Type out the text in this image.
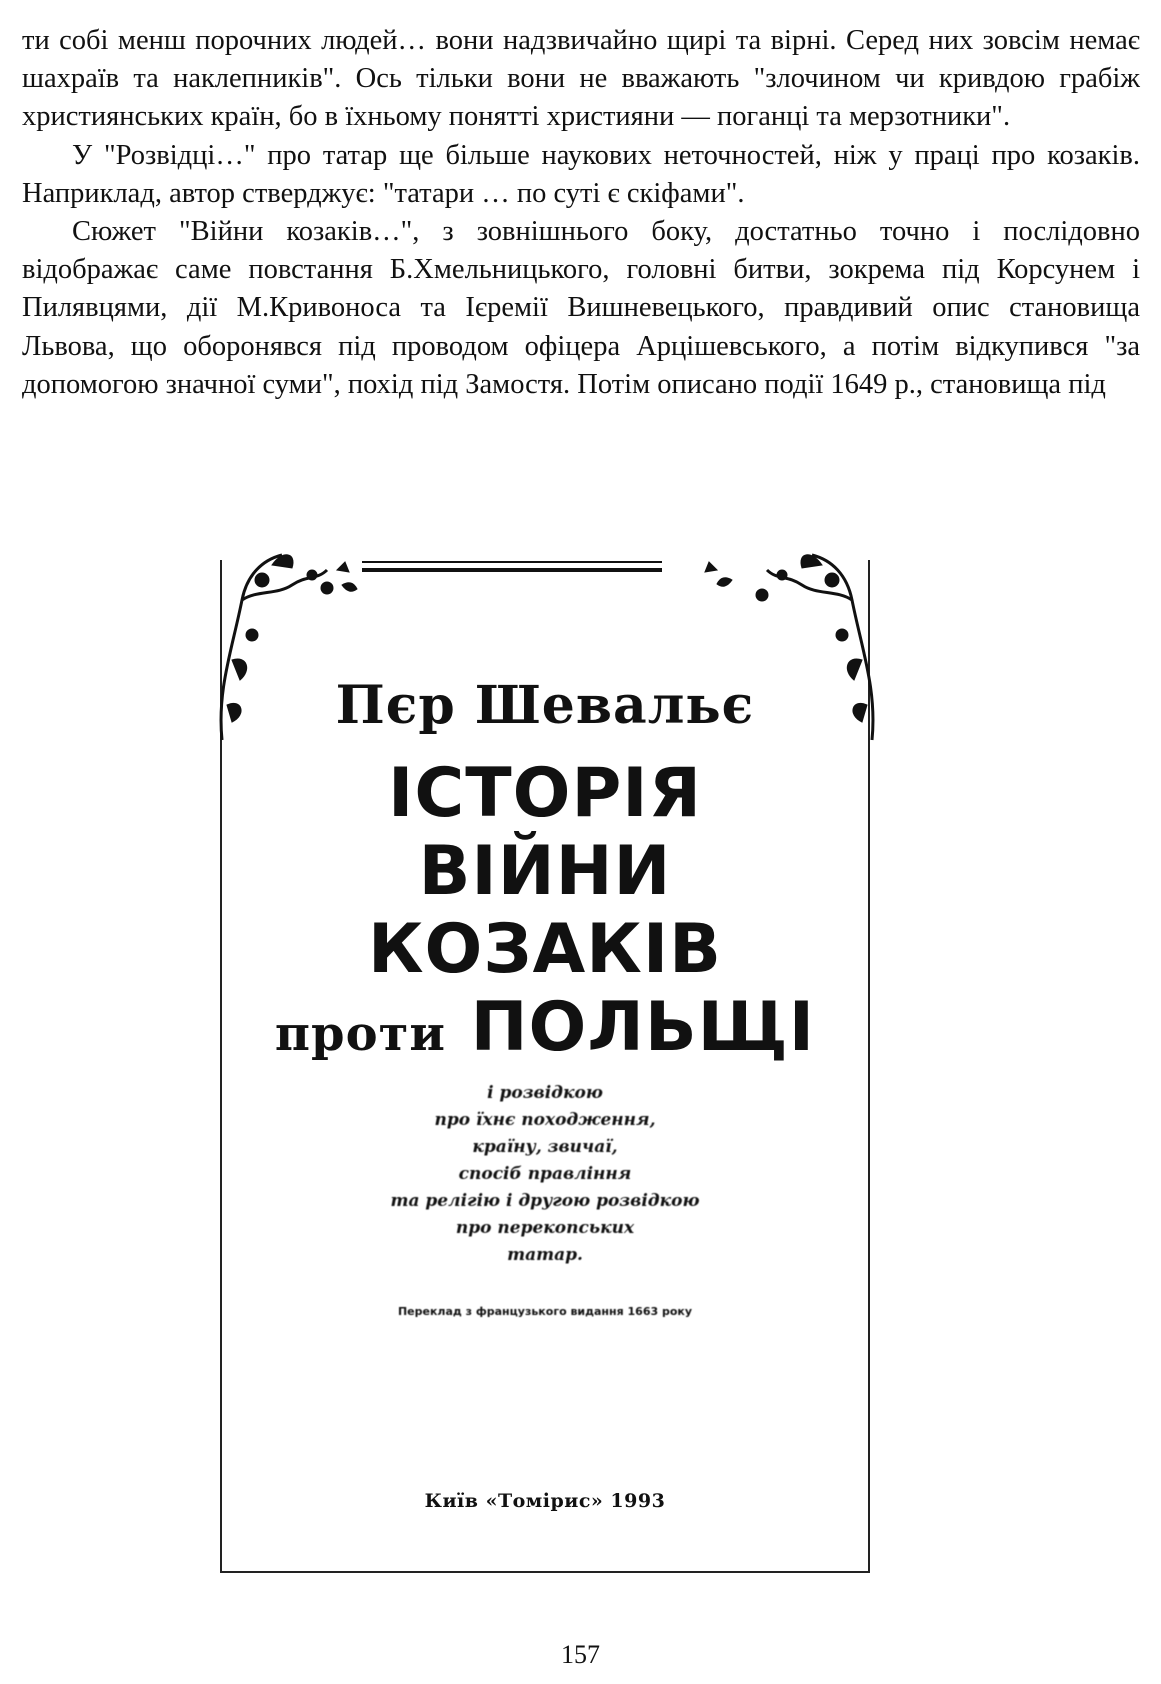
ти собі менш порочних людей… вони надзвичайно щирі та вірні. Серед них зовсім немає шахраїв та наклепників". Ось тільки вони не вважають "злочином чи кривдою грабіж християнських країн, бо в їхньому понятті християни — поганці та мерзотники".

У "Розвідці…" про татар ще більше наукових неточностей, ніж у праці про козаків. Наприклад, автор стверджує: "татари … по суті є скіфами".

Сюжет "Війни козаків…", з зовнішнього боку, достатньо точно і послідовно відображає саме повстання Б.Хмельницького, головні битви, зокрема під Корсунем і Пилявцями, дії М.Кривоноса та Ієремії Вишневецького, правдивий опис становища Львова, що оборонявся під проводом офіцера Арцішевського, а потім відкупився "за допомогою значної суми", похід під Замостя. Потім описано події 1649 р., становища під

Пєр Шевальє
ІСТОРІЯ
ВІЙНИ
КОЗАКІВ
проти ПОЛЬЩІ
і розвідкою
про їхнє походження,
країну, звичаї,
спосіб правління
та релігію і другою розвідкою
про перекопських
татар.
Переклад з французького видання 1663 року
Київ «Томірис» 1993
157
